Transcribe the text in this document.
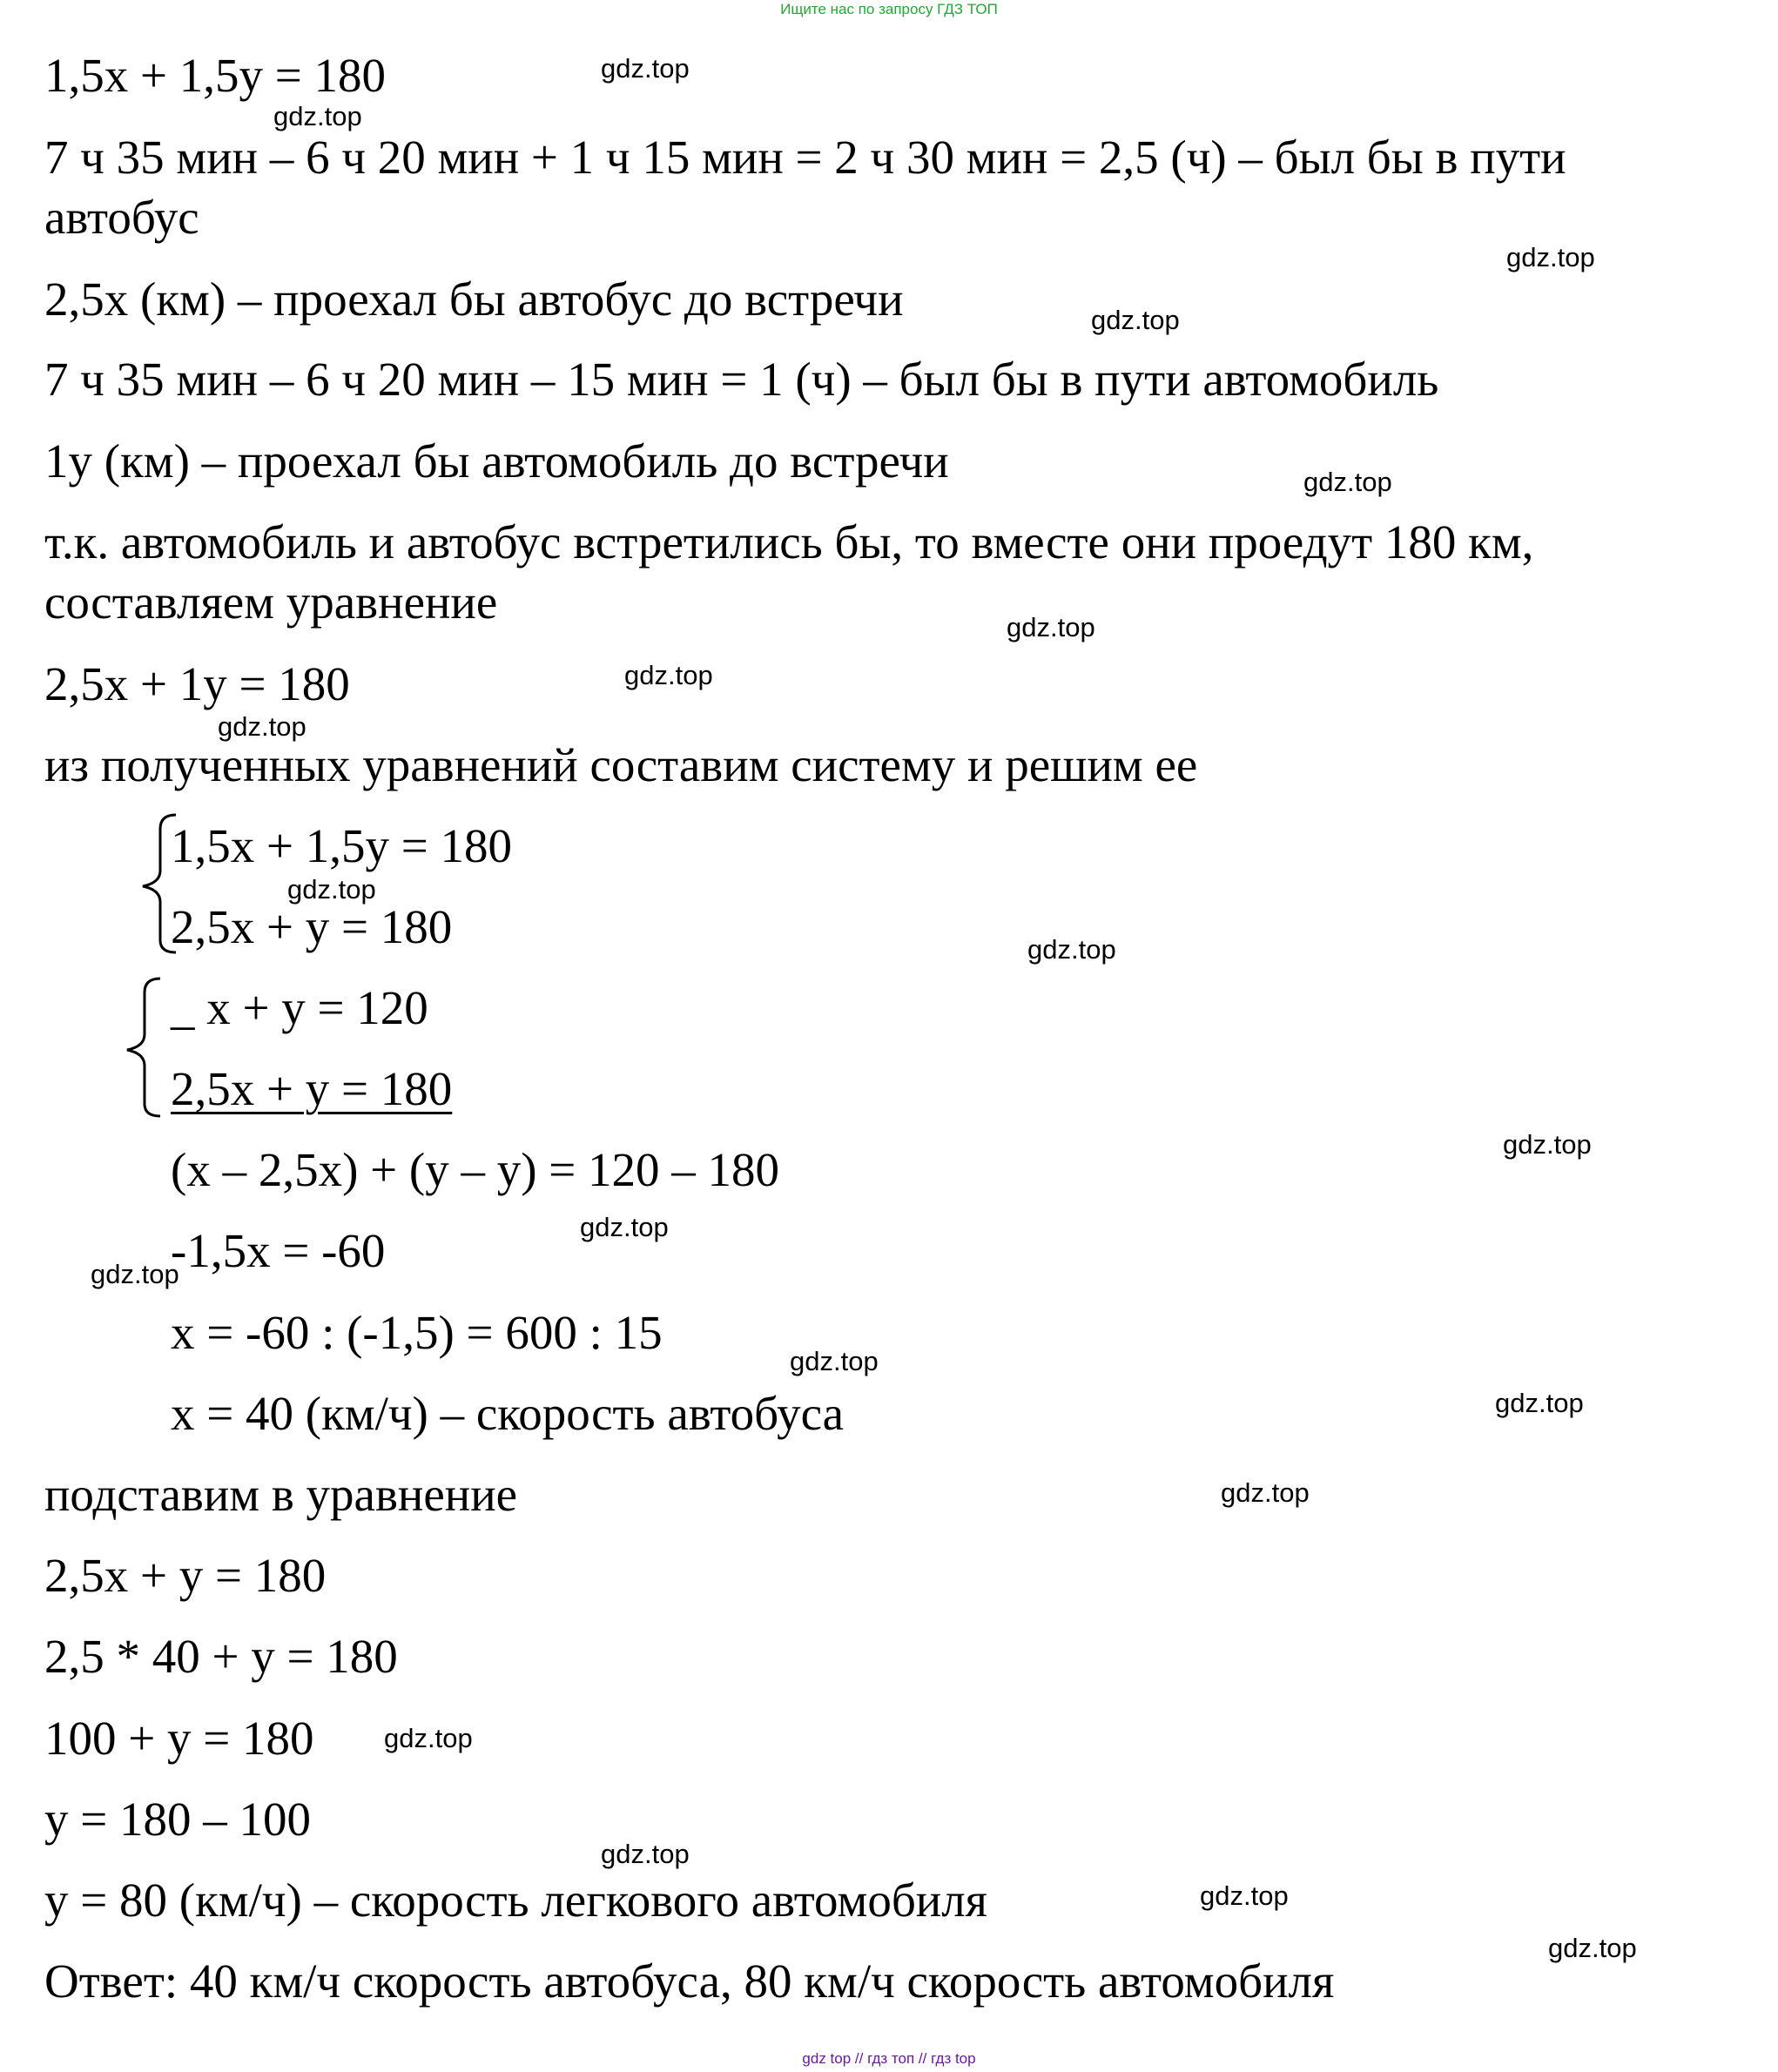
Ищите нас по запросу ГДЗ ТОП
1,5x + 1,5y = 180
7 ч 35 мин – 6 ч 20 мин + 1 ч 15 мин = 2 ч 30 мин = 2,5 (ч) – был бы в пути
автобус
2,5x (км) – проехал бы автобус до встречи
7 ч 35 мин – 6 ч 20 мин – 15 мин = 1 (ч) – был бы в пути автомобиль
1y (км) – проехал бы автомобиль до встречи
т.к. автомобиль и автобус встретились бы, то вместе они проедут 180 км,
составляем уравнение
2,5x + 1y = 180
из полученных уравнений составим систему и решим ее
1,5x + 1,5y = 180
2,5x + y = 180
_ x + y = 120
2,5x + y = 180
(x – 2,5x) + (y – y) = 120 – 180
-1,5x = -60
x = -60 : (-1,5) = 600 : 15
x = 40 (км/ч) – скорость автобуса
подставим в уравнение
2,5x + y = 180
2,5 * 40 + y = 180
100 + y = 180
y = 180 – 100
y = 80 (км/ч) – скорость легкового автомобиля
Ответ: 40 км/ч скорость автобуса, 80 км/ч скорость автомобиля
gdz.top
gdz.top
gdz.top
gdz.top
gdz.top
gdz.top
gdz.top
gdz.top
gdz.top
gdz.top
gdz.top
gdz.top
gdz.top
gdz.top
gdz.top
gdz.top
gdz.top
gdz.top
gdz.top
gdz.top
gdz top // гдз топ // гдз top
